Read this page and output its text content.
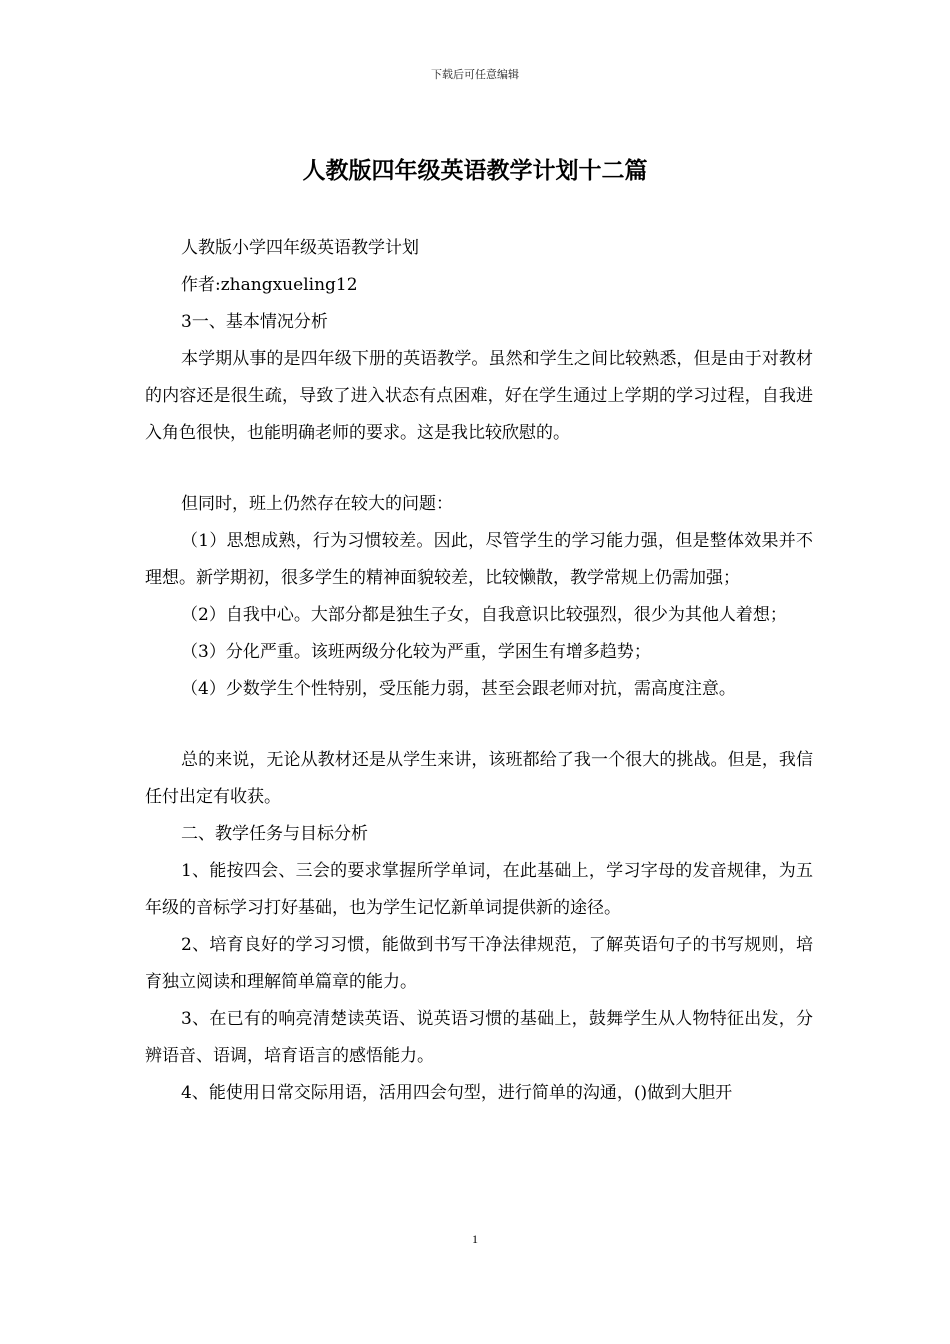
下载后可任意编辑
人教版四年级英语教学计划十二篇

人教版小学四年级英语教学计划

作者:zhangxueling12

3一、基本情况分析

本学期从事的是四年级下册的英语教学。虽然和学生之间比较熟悉，但是由于对教材的内容还是很生疏，导致了进入状态有点困难，好在学生通过上学期的学习过程，自我进入角色很快，也能明确老师的要求。这是我比较欣慰的。

但同时，班上仍然存在较大的问题：

（1）思想成熟，行为习惯较差。因此，尽管学生的学习能力强，但是整体效果并不理想。新学期初，很多学生的精神面貌较差，比较懒散，教学常规上仍需加强；

（2）自我中心。大部分都是独生子女，自我意识比较强烈，很少为其他人着想；

（3）分化严重。该班两级分化较为严重，学困生有增多趋势；

（4）少数学生个性特别，受压能力弱，甚至会跟老师对抗，需高度注意。

总的来说，无论从教材还是从学生来讲，该班都给了我一个很大的挑战。但是，我信任付出定有收获。

二、教学任务与目标分析

1、能按四会、三会的要求掌握所学单词，在此基础上，学习字母的发音规律，为五年级的音标学习打好基础，也为学生记忆新单词提供新的途径。

2、培育良好的学习习惯，能做到书写干净法律规范，了解英语句子的书写规则，培育独立阅读和理解简单篇章的能力。

3、在已有的响亮清楚读英语、说英语习惯的基础上，鼓舞学生从人物特征出发，分辨语音、语调，培育语言的感悟能力。

4、能使用日常交际用语，活用四会句型，进行简单的沟通，()做到大胆开

1
